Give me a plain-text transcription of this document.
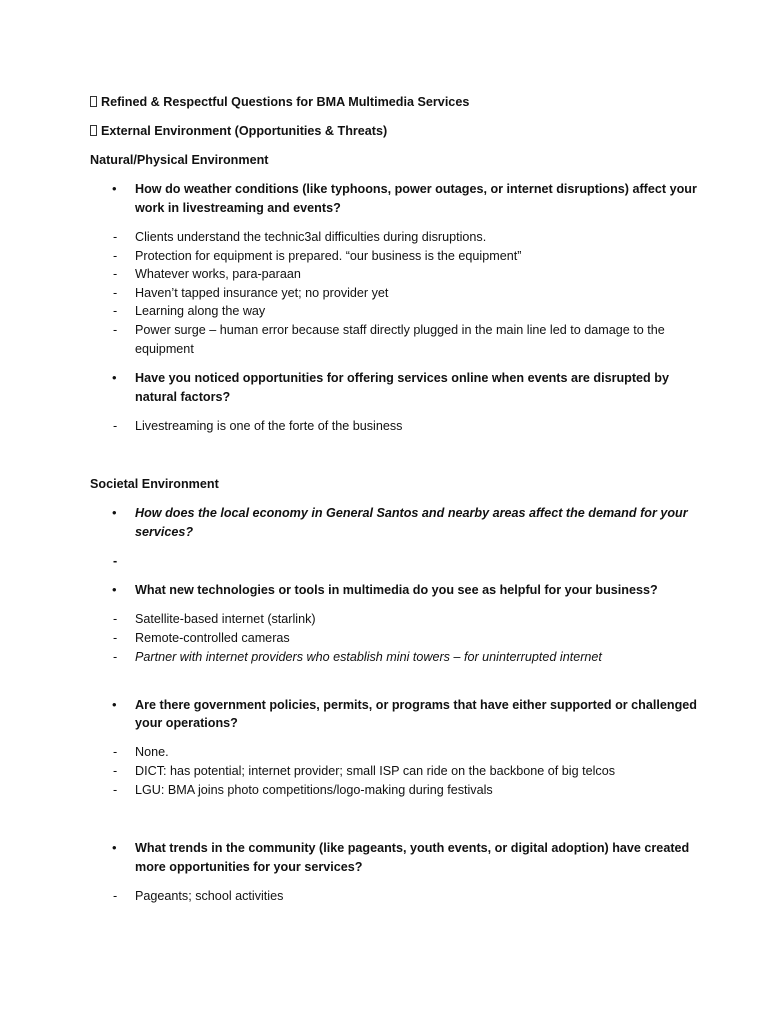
Refined & Respectful Questions for BMA Multimedia Services
External Environment (Opportunities & Threats)
Natural/Physical Environment
• How do weather conditions (like typhoons, power outages, or internet disruptions) affect your
work in livestreaming and events?
- Clients understand the technic3al difficulties during disruptions.
- Protection for equipment is prepared. “our business is the equipment”
- Whatever works, para-paraan
- Haven’t tapped insurance yet; no provider yet
- Learning along the way
- Power surge – human error because staff directly plugged in the main line led to damage to the
equipment
• Have you noticed opportunities for offering services online when events are disrupted by
natural factors?
- Livestreaming is one of the forte of the business
Societal Environment
• How does the local economy in General Santos and nearby areas affect the demand for your
services?
-
• What new technologies or tools in multimedia do you see as helpful for your business?
- Satellite-based internet (starlink)
- Remote-controlled cameras
- Partner with internet providers who establish mini towers – for uninterrupted internet
• Are there government policies, permits, or programs that have either supported or challenged
your operations?
- None.
- DICT: has potential; internet provider; small ISP can ride on the backbone of big telcos
- LGU: BMA joins photo competitions/logo-making during festivals
• What trends in the community (like pageants, youth events, or digital adoption) have created
more opportunities for your services?
- Pageants; school activities
